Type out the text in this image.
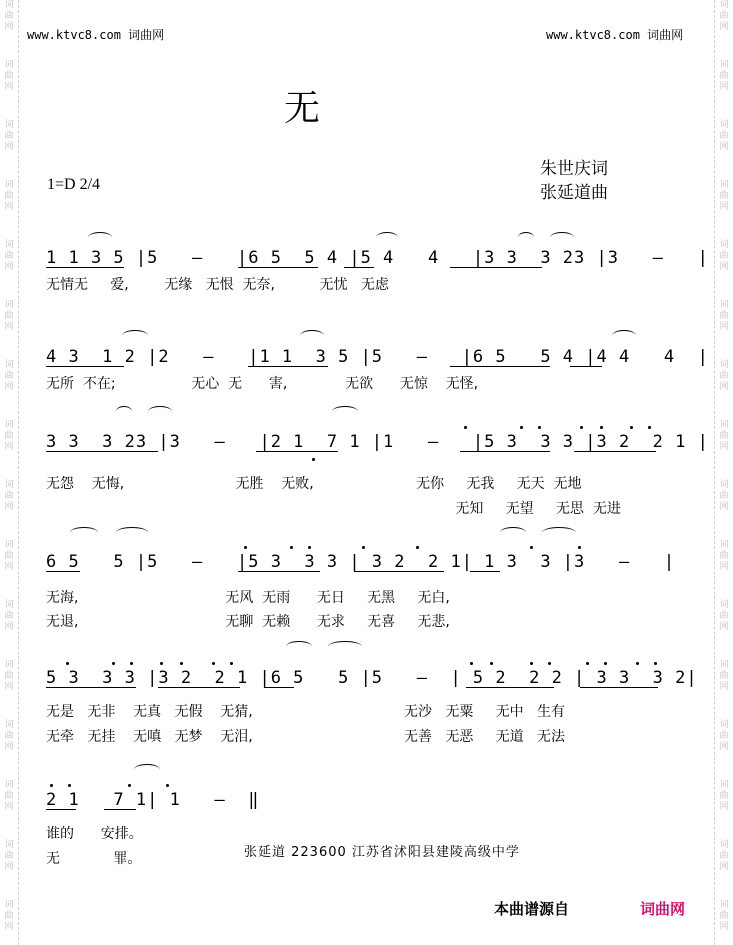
词
曲
网
词
曲
网
词
曲
网
词
曲
网
词
曲
网
词
曲
网
词
曲
网
词
曲
网
词
曲
网
词
曲
网
词
曲
网
词
曲
网
词
曲
网
词
曲
网
词
曲
网
词
曲
网
词
曲
网
词
曲
网
词
曲
网
词
曲
网
词
曲
网
词
曲
网
词
曲
网
词
曲
网
词
曲
网
词
曲
网
词
曲
网
词
曲
网
词
曲
网
词
曲
网
词
曲
网
词
曲
网
www.ktvc8.com 词曲网	www.ktvc8.com 词曲网
无
朱世庆词
张延道曲
1=D 2/4
1 1 3 5 |5   —   |6 5  5 4 |5 4   4   |3 3  3 23 |3   —   |
无情无     爱,        无缘   无恨  无奈,          无忧   无虑
4 3  1 2 |2   —   |1 1  3 5 |5   —   |6 5   5 4 |4 4   4  |
无所  不在;                 无心  无      害,             无欲      无惊    无怪,
3 3  3 23 |3   —   |2 1  7 1 |1   —   |5 3  3 3 |3 2  2 1 |
无怨    无悔,                         无胜    无败,                       无你     无我     无天  无地
无知     无望     无思  无进
6 5   5 |5   —   |5 3  3 3 | 3 2  2 1| 1 3  3 |3   —   |
无海,                                 无风  无雨      无日     无黑     无白,
无退,                                 无聊  无赖      无求     无喜     无悲,
5 3  3 3 |3 2  2 1 |6 5   5 |5   —  | 5 2  2 2 | 3 3  3 2|
无是   无非    无真   无假    无猜,                                  无沙   无粟     无中   生有
无牵   无挂    无嗔   无梦    无泪,                                  无善   无恶     无道   无法
2 1   7 1| 1   —  ‖
谁的      安排。
无            罪。	张延道 223600 江苏省沭阳县建陵高级中学
本曲谱源自	词曲网
